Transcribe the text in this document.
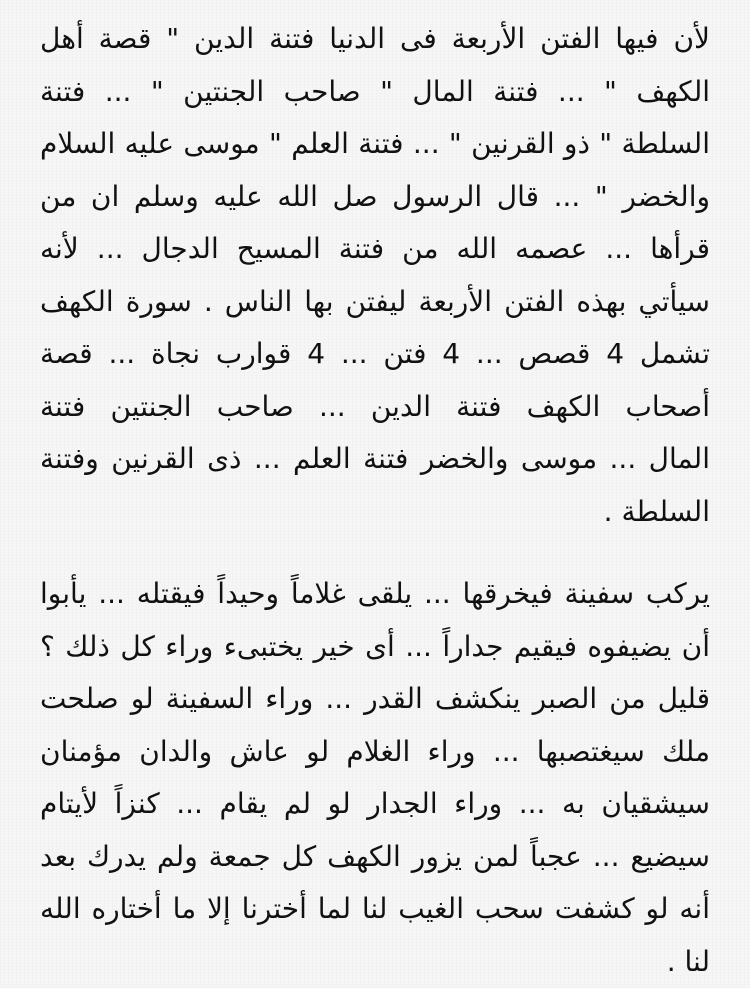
لأن فيها الفتن الأربعة فى الدنيا فتنة الدين " قصة أهل
الكهف " ... فتنة المال " صاحب الجنتين " ... فتنة
السلطة " ذو القرنين " ... فتنة العلم " موسى عليه السلام
والخضر " ... قال الرسول صل الله عليه وسلم ان من
قرأها ... عصمه الله من فتنة المسيح الدجال ... لأنه
سيأتي بهذه الفتن الأربعة ليفتن بها الناس . سورة الكهف
تشمل 4 قصص ... 4 فتن ... 4 قوارب نجاة ... قصة
أصحاب الكهف فتنة الدين ... صاحب الجنتين فتنة
المال ... موسى والخضر فتنة العلم ... ذى القرنين وفتنة
السلطة .
يركب سفينة فيخرقها ... يلقى غلاماً وحيداً فيقتله ... يأبوا
أن يضيفوه فيقيم جداراً ... أى خير يختبىء وراء كل ذلك ؟
قليل من الصبر ينكشف القدر ... وراء السفينة لو صلحت
ملك سيغتصبها ... وراء الغلام لو عاش والدان مؤمنان
سيشقيان به ... وراء الجدار لو لم يقام ... كنزاً لأيتام
سيضيع ... عجباً لمن يزور الكهف كل جمعة ولم يدرك بعد
أنه لو كشفت سحب الغيب لنا لما أخترنا إلا ما أختاره الله
لنا .
